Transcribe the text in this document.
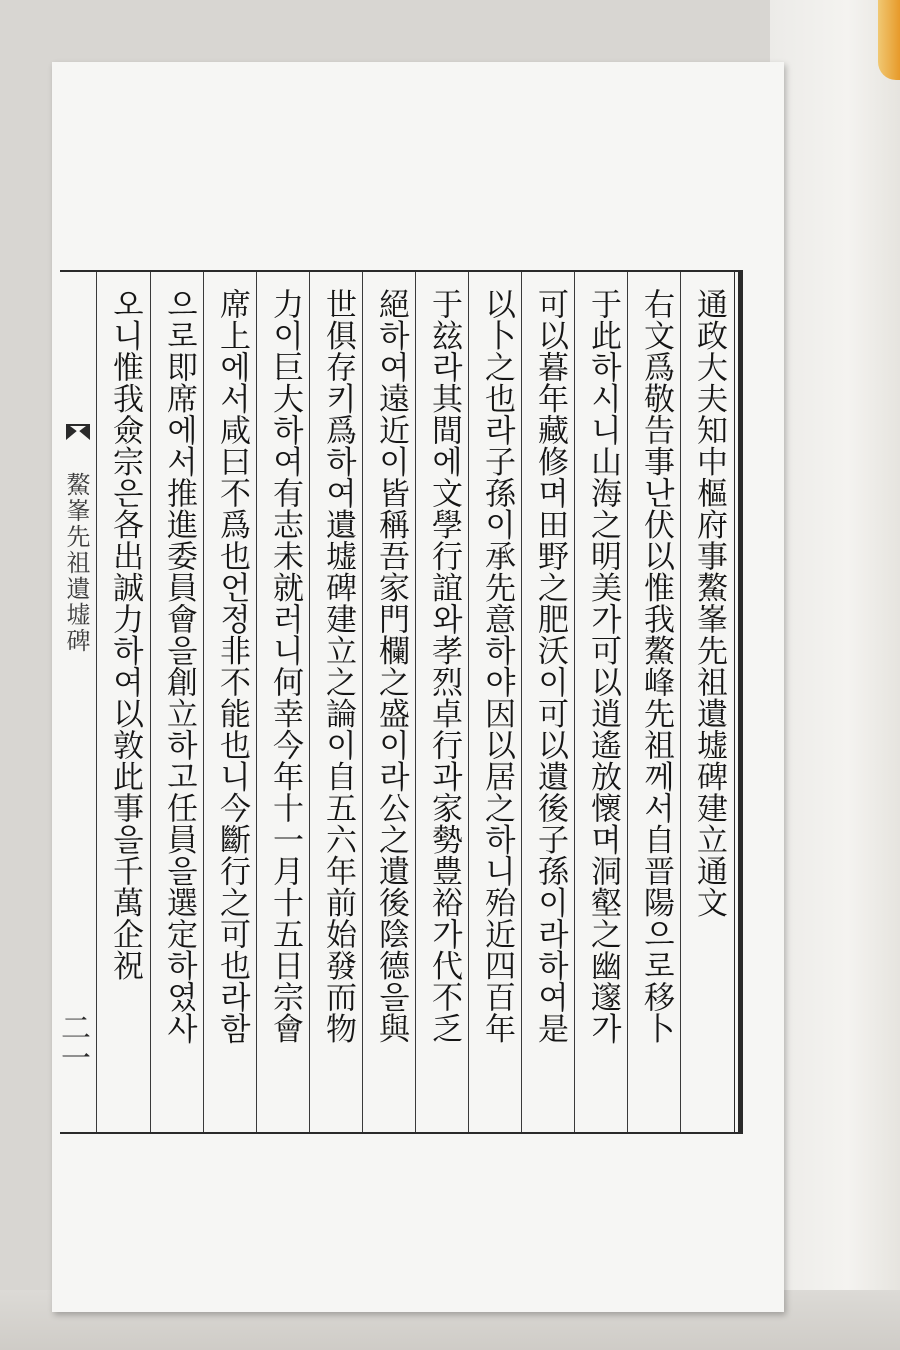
鰲峯先祖遺墟碑
二一
通政大夫知中樞府事鰲峯先祖遺墟碑建立通文
右文爲敬告事난伏以惟我鰲峰先祖께서自晋陽으로移卜
于此하시니山海之明美가可以逍遙放懷며洞壑之幽邃가
可以暮年藏修며田野之肥沃이可以遺後子孫이라하여是
以卜之也라子孫이承先意하야因以居之하니殆近四百年
于玆라其間에文學行誼와孝烈卓行과家勢豊裕가代不乏
絕하여遠近이皆稱吾家門欄之盛이라公之遺後陰德을與
世俱存키爲하여遺墟碑建立之論이自五六年前始發而物
力이巨大하여有志未就러니何幸今年十一月十五日宗會
席上에서咸曰不爲也언정非不能也니今斷行之可也라함
으로即席에서推進委員會을創立하고任員을選定하였사
오니惟我僉宗은各出誠力하여以敦此事을千萬企祝
